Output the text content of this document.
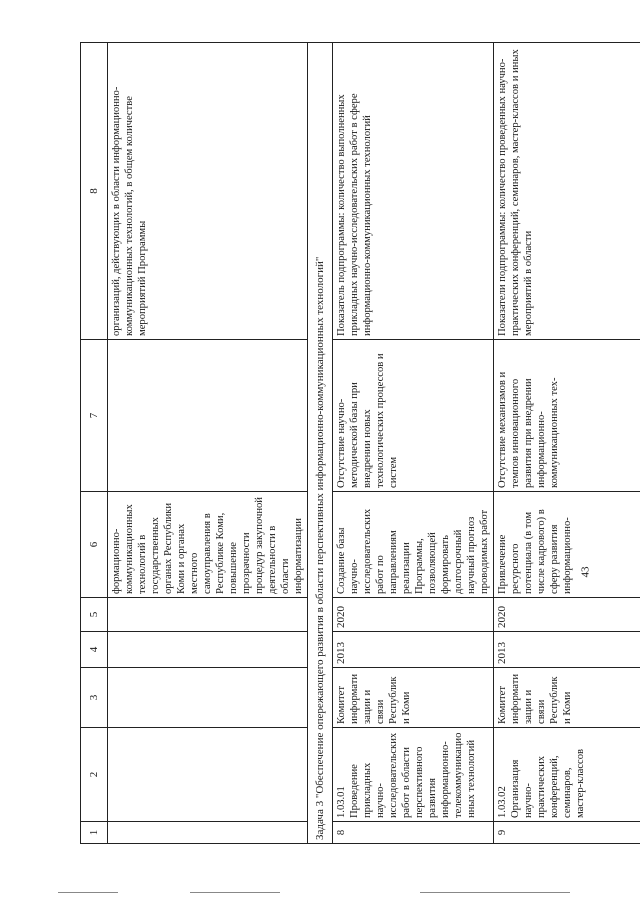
1	2	3	4	5	6	7	8
					формационно-коммуникационных технологий в государственных органах Республики Коми и органах местного самоуправления в Республике Коми, повышение прозрачности процедур закупочной деятельности в области информатизации		организаций, действующих в области информационно-коммуникационных технологий, в общем количестве мероприятий Программы
Задача 3 "Обеспечение опережающего развития в области перспективных информационно-коммуникационных технологий"							
8	1.03.01 Проведение прикладных научно-исследовательских работ в области перспективного развития информационно-телекоммуникационных технологий	Комитет информатизации и связи Республики Коми	2013	2020	Создание базы научно-исследовательских работ по направлениям реализации Программы, позволяющей формировать долгосрочный научный прогноз проводимых работ	Отсутствие научно-методической базы при внедрении новых технологических процессов и систем	Показатель подпрограммы: количество выполненных прикладных научно-исследовательских работ в сфере информационно-коммуникационных технологий
9	1.03.02 Организация научно-практических конференций, семинаров, мастер-классов	Комитет информатизации и связи Республики Коми	2013	2020	Привлечение ресурсного потенциала (в том числе кадрового) в сферу развития информационно-	Отсутствие механизмов и темпов инновационного развития при внедрении информационно-коммуникационных тех-	Показатели подпрограммы: количество проведенных научно-практических конференций, семинаров, мастер-классов и иных мероприятий в области
43
